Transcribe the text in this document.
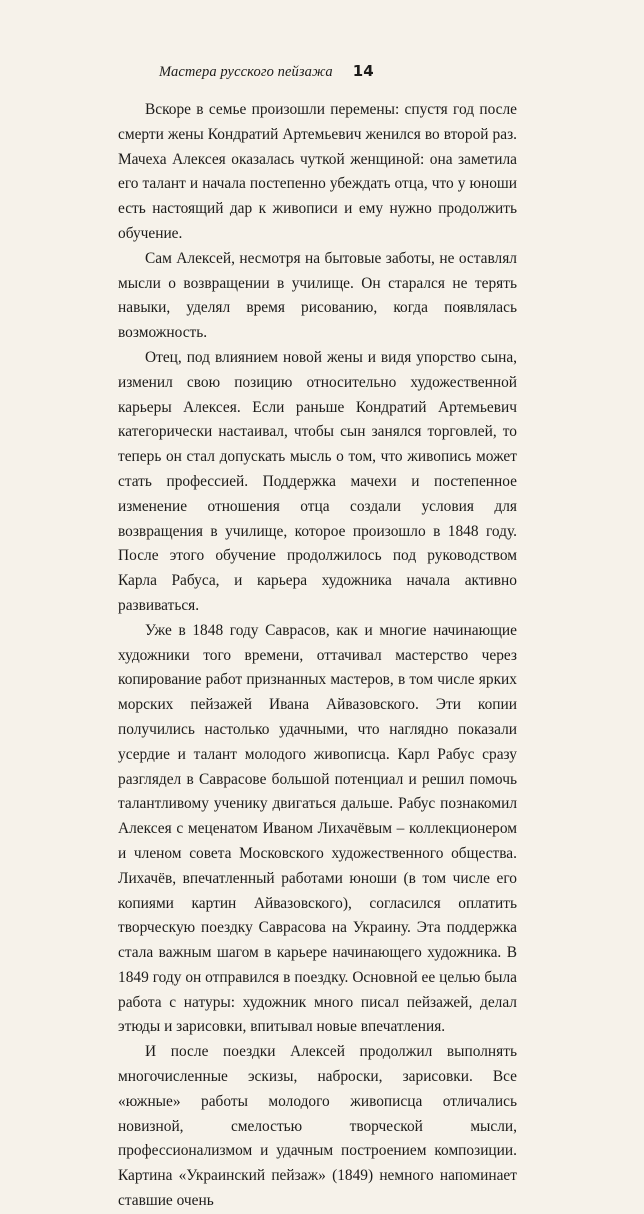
Мастера русского пейзажа 14

Вскоре в семье произошли перемены: спустя год после смерти жены Кондратий Артемьевич женился во второй раз. Мачеха Алексея оказалась чуткой женщиной: она заметила его талант и начала постепенно убеждать отца, что у юноши есть настоящий дар к живописи и ему нужно продолжить обучение.

Сам Алексей, несмотря на бытовые заботы, не оставлял мысли о возвращении в училище. Он старался не терять навыки, уделял время рисованию, когда появлялась возможность.

Отец, под влиянием новой жены и видя упорство сына, изменил свою позицию относительно художественной карьеры Алексея. Если раньше Кондратий Артемьевич категорически настаивал, чтобы сын занялся торговлей, то теперь он стал допускать мысль о том, что живопись может стать профессией. Поддержка мачехи и постепенное изменение отношения отца создали условия для возвращения в училище, которое произошло в 1848 году. После этого обучение продолжилось под руководством Карла Рабуса, и карьера художника начала активно развиваться.

Уже в 1848 году Саврасов, как и многие начинающие художники того времени, оттачивал мастерство через копирование работ признанных мастеров, в том числе ярких морских пейзажей Ивана Айвазовского. Эти копии получились настолько удачными, что наглядно показали усердие и талант молодого живописца. Карл Рабус сразу разглядел в Саврасове большой потенциал и решил помочь талантливому ученику двигаться дальше. Рабус познакомил Алексея с меценатом Иваном Лихачёвым – коллекционером и членом совета Московского художественного общества. Лихачёв, впечатленный работами юноши (в том числе его копиями картин Айвазовского), согласился оплатить творческую поездку Саврасова на Украину. Эта поддержка стала важным шагом в карьере начинающего художника. В 1849 году он отправился в поездку. Основной ее целью была работа с натуры: художник много писал пейзажей, делал этюды и зарисовки, впитывал новые впечатления.

И после поездки Алексей продолжил выполнять многочисленные эскизы, наброски, зарисовки. Все «южные» работы молодого живописца отличались новизной, смелостью творческой мысли, профессионализмом и удачным построением композиции. Картина «Украинский пейзаж» (1849) немного напоминает ставшие очень
